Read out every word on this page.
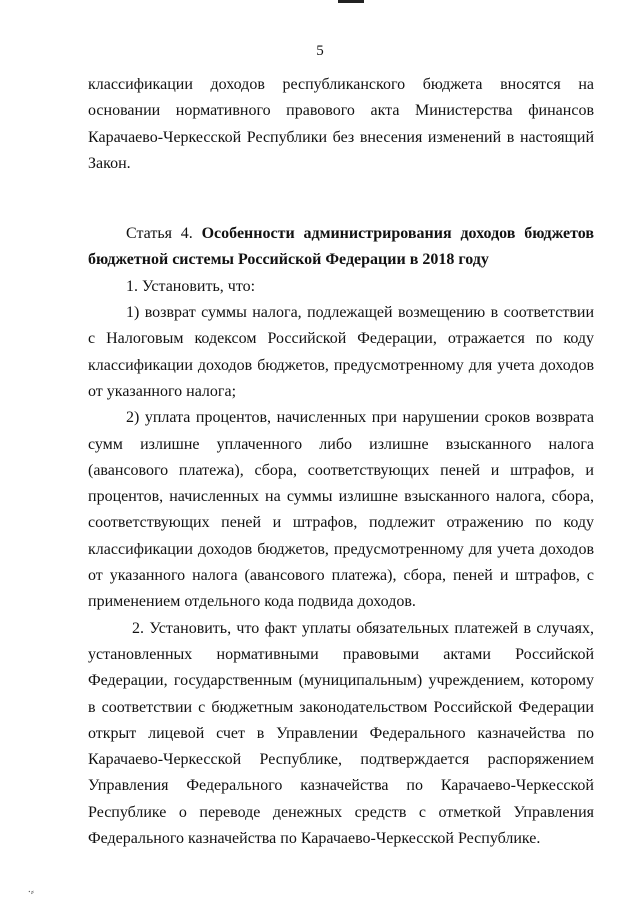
5

классификации доходов республиканского бюджета вносятся на основании нормативного правового акта Министерства финансов Карачаево-Черкесской Республики без внесения изменений в настоящий Закон.

Статья 4. Особенности администрирования доходов бюджетов бюджетной системы Российской Федерации в 2018 году

1. Установить, что:

1) возврат суммы налога, подлежащей возмещению в соответствии с Налоговым кодексом Российской Федерации, отражается по коду классификации доходов бюджетов, предусмотренному для учета доходов от указанного налога;

2) уплата процентов, начисленных при нарушении сроков возврата сумм излишне уплаченного либо излишне взысканного налога (авансового платежа), сбора, соответствующих пеней и штрафов, и процентов, начисленных на суммы излишне взысканного налога, сбора, соответствующих пеней и штрафов, подлежит отражению по коду классификации доходов бюджетов, предусмотренному для учета доходов от указанного налога (авансового платежа), сбора, пеней и штрафов, с применением отдельного кода подвида доходов.

2. Установить, что факт уплаты обязательных платежей в случаях, установленных нормативными правовыми актами Российской Федерации, государственным (муниципальным) учреждением, которому в соответствии с бюджетным законодательством Российской Федерации открыт лицевой счет в Управлении Федерального казначейства по Карачаево-Черкесской Республике, подтверждается распоряжением Управления Федерального казначейства по Карачаево-Черкесской Республике о переводе денежных средств с отметкой Управления Федерального казначейства по Карачаево-Черкесской Республике.

⸱⸗
